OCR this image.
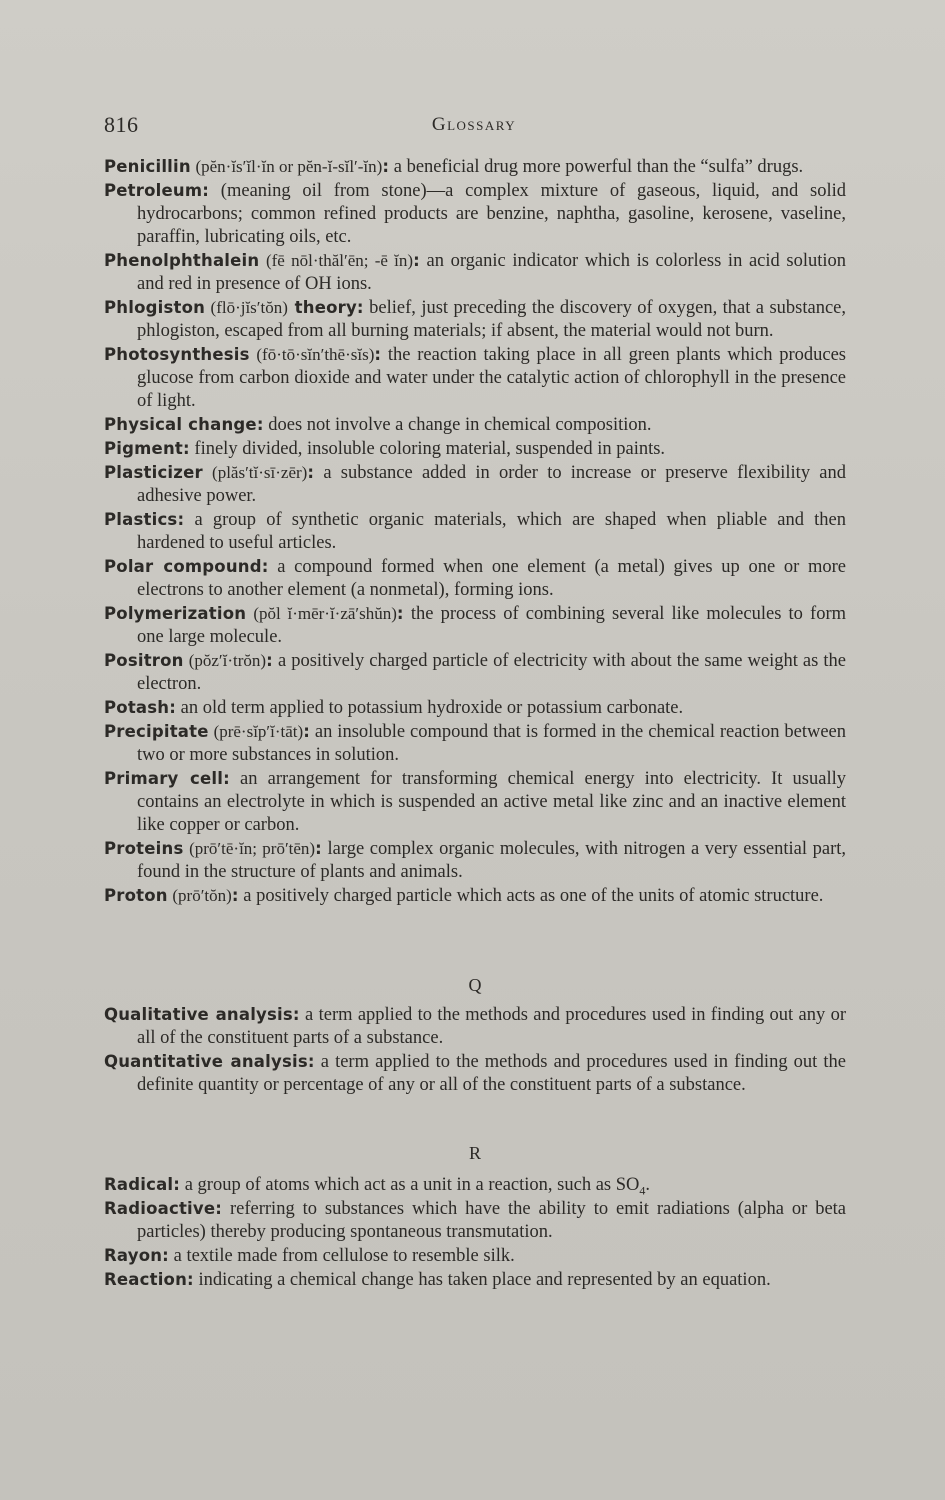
816	Glossary

Penicillin (pĕn·ĭs′ĭl·ĭn or pĕn-ĭ-sĭl′-ĭn): a beneficial drug more powerful than the “sulfa” drugs.

Petroleum: (meaning oil from stone)—a complex mixture of gaseous, liquid, and solid hydrocarbons; common refined products are benzine, naphtha, gasoline, kerosene, vaseline, paraffin, lubricating oils, etc.

Phenolphthalein (fē nōl·thăl′ēn; -ē ĭn): an organic indicator which is colorless in acid solution and red in presence of OH ions.

Phlogiston (flō·jĭs′tŏn) theory: belief, just preceding the discovery of oxygen, that a substance, phlogiston, escaped from all burning materials; if absent, the material would not burn.

Photosynthesis (fō·tō·sĭn′thē·sĭs): the reaction taking place in all green plants which produces glucose from carbon dioxide and water under the catalytic action of chlorophyll in the presence of light.

Physical change: does not involve a change in chemical composition.

Pigment: finely divided, insoluble coloring material, suspended in paints.

Plasticizer (plăs′tĭ·sī·zēr): a substance added in order to increase or preserve flexibility and adhesive power.

Plastics: a group of synthetic organic materials, which are shaped when pliable and then hardened to useful articles.

Polar compound: a compound formed when one element (a metal) gives up one or more electrons to another element (a nonmetal), forming ions.

Polymerization (pŏl ĭ·mēr·ĭ·zā′shŭn): the process of combining several like molecules to form one large molecule.

Positron (pŏz′ĭ·trŏn): a positively charged particle of electricity with about the same weight as the electron.

Potash: an old term applied to potassium hydroxide or potassium carbonate.

Precipitate (prē·sĭp′ĭ·tāt): an insoluble compound that is formed in the chemical reaction between two or more substances in solution.

Primary cell: an arrangement for transforming chemical energy into electricity. It usually contains an electrolyte in which is suspended an active metal like zinc and an inactive element like copper or carbon.

Proteins (prō′tē·ĭn; prō′tēn): large complex organic molecules, with nitrogen a very essential part, found in the structure of plants and animals.

Proton (prō′tŏn): a positively charged particle which acts as one of the units of atomic structure.

Q

Qualitative analysis: a term applied to the methods and procedures used in finding out any or all of the constituent parts of a substance.

Quantitative analysis: a term applied to the methods and procedures used in finding out the definite quantity or percentage of any or all of the constituent parts of a substance.

R

Radical: a group of atoms which act as a unit in a reaction, such as $SO_4$.

Radioactive: referring to substances which have the ability to emit radiations (alpha or beta particles) thereby producing spontaneous transmutation.

Rayon: a textile made from cellulose to resemble silk.

Reaction: indicating a chemical change has taken place and represented by an equation.
